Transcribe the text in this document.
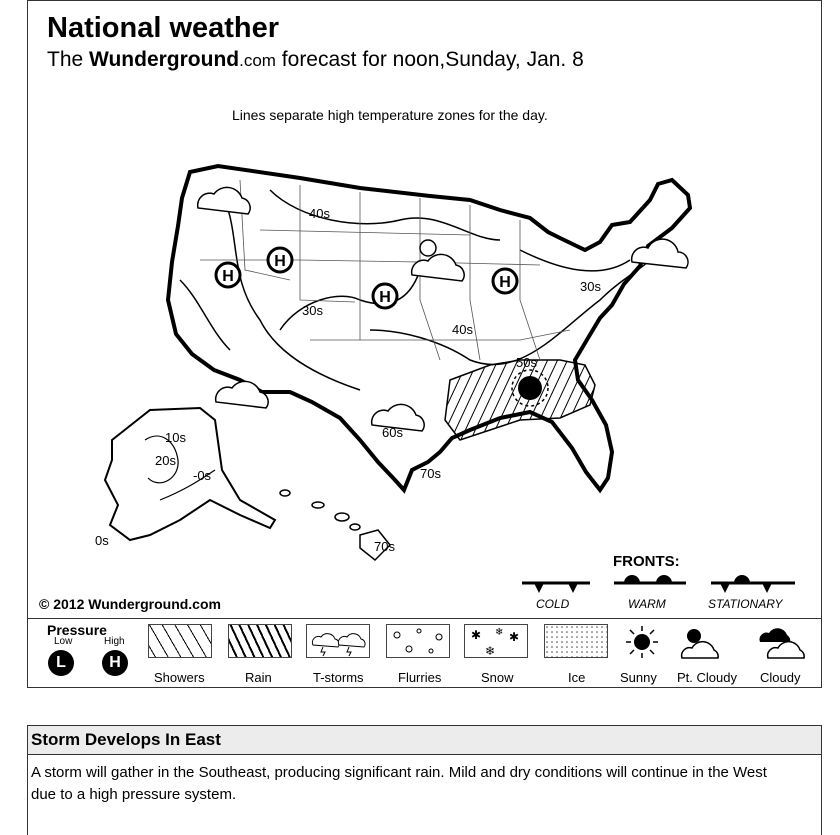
National weather
The Wunderground.com forecast for noon,Sunday, Jan. 8
Lines separate high temperature zones for the day.
H
H
H
H
40s
30s
30s
40s
50s
60s
70s
10s
20s
-0s
0s	70s
© 2012 Wunderground.com
FRONTS:
COLD	WARM	STATIONARY
Pressure
Low	High
L	H
✱ ❄ ✱
❄
Showers	Rain	T-storms	Flurries	Snow	Ice	Sunny Pt. Cloudy Cloudy
Storm Develops In East
A storm will gather in the Southeast, producing significant rain. Mild and dry conditions will continue in the West due to a high pressure system.
